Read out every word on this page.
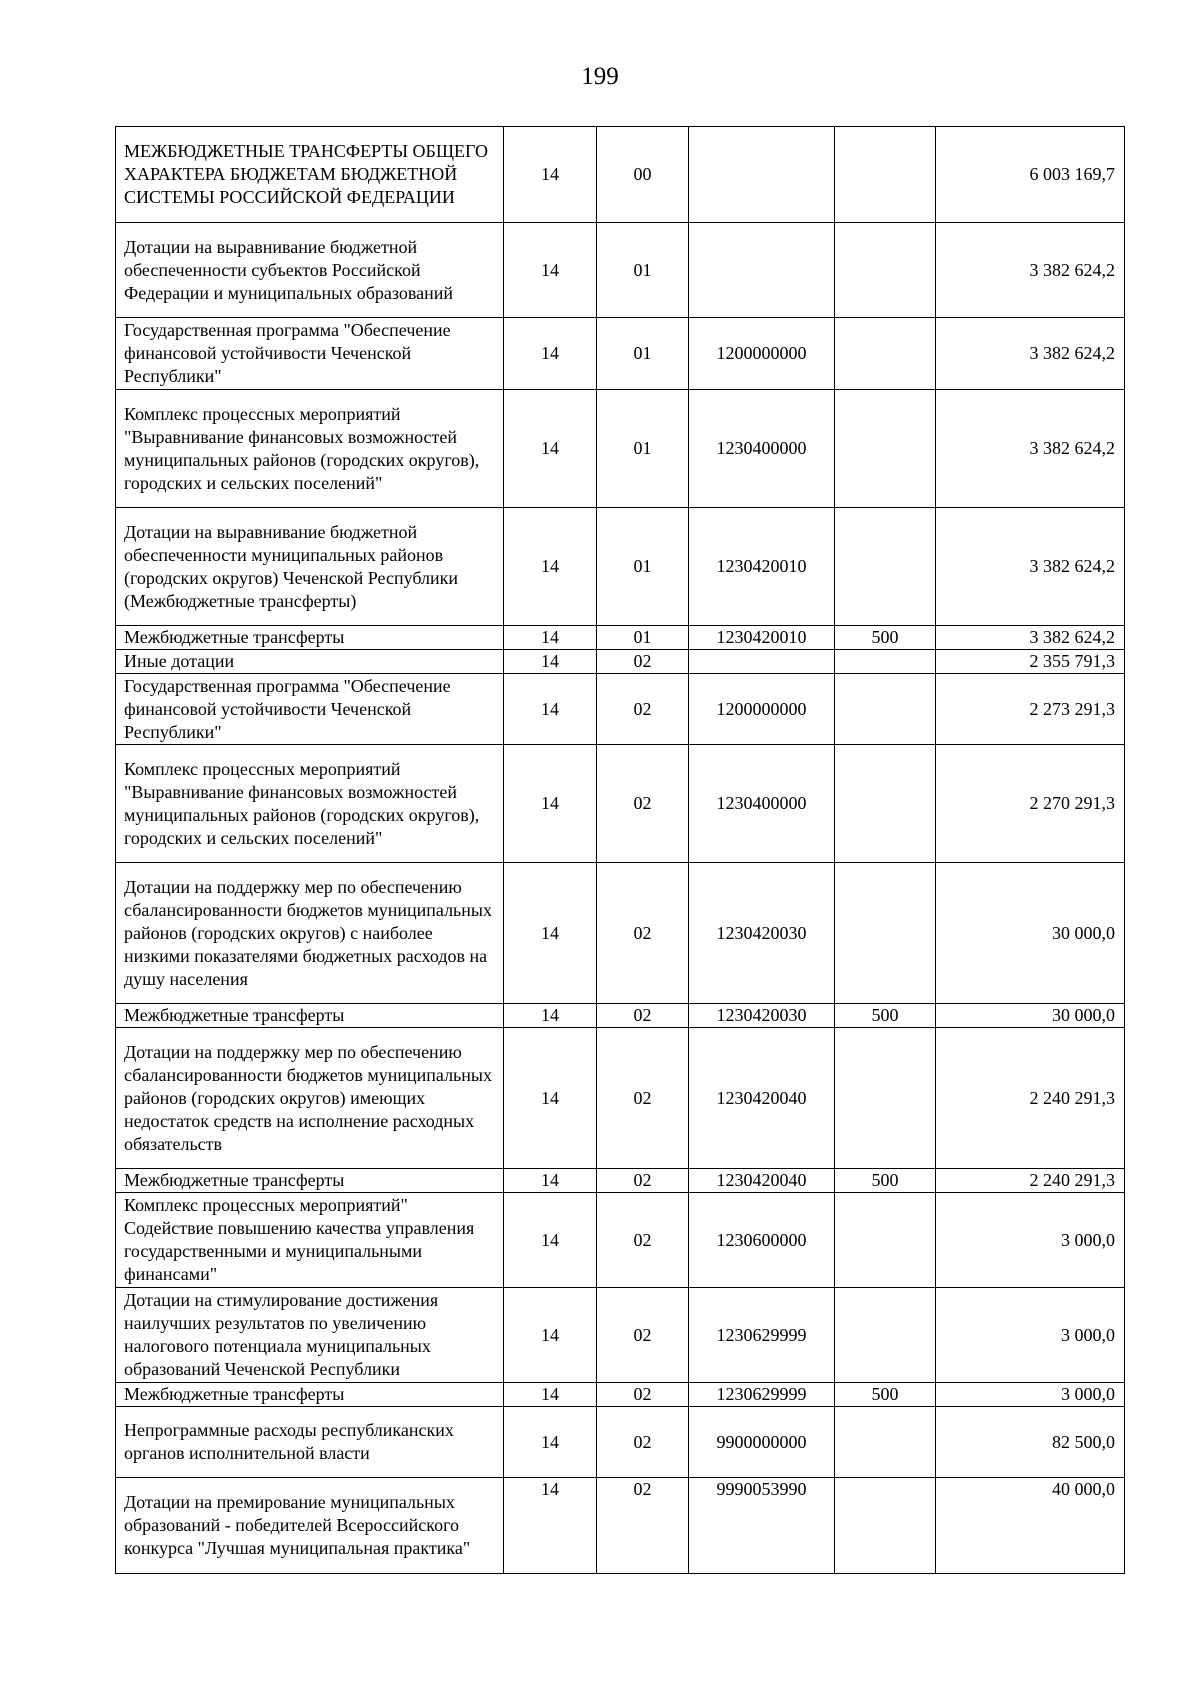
199
МЕЖБЮДЖЕТНЫЕ ТРАНСФЕРТЫ ОБЩЕГО ХАРАКТЕРА БЮДЖЕТАМ БЮДЖЕТНОЙ СИСТЕМЫ РОССИЙСКОЙ ФЕДЕРАЦИИ	14	00			6 003 169,7
Дотации на выравнивание бюджетной обеспеченности субъектов Российской Федерации и муниципальных образований	14	01			3 382 624,2
Государственная программа "Обеспечение финансовой устойчивости Чеченской Республики"	14	01	1200000000		3 382 624,2
Комплекс процессных мероприятий "Выравнивание финансовых возможностей муниципальных районов (городских округов), городских и сельских поселений"	14	01	1230400000		3 382 624,2
Дотации на выравнивание бюджетной обеспеченности муниципальных районов (городских округов) Чеченской Республики (Межбюджетные трансферты)	14	01	1230420010		3 382 624,2
Межбюджетные трансферты	14	01	1230420010	500	3 382 624,2
Иные дотации	14	02			2 355 791,3
Государственная программа "Обеспечение финансовой устойчивости Чеченской Республики"	14	02	1200000000		2 273 291,3
Комплекс процессных мероприятий "Выравнивание финансовых возможностей муниципальных районов (городских округов), городских и сельских поселений"	14	02	1230400000		2 270 291,3
Дотации на поддержку мер по обеспечению сбалансированности бюджетов муниципальных районов (городских округов) с наиболее низкими показателями бюджетных расходов на душу населения	14	02	1230420030		30 000,0
Межбюджетные трансферты	14	02	1230420030	500	30 000,0
Дотации на поддержку мер по обеспечению сбалансированности бюджетов муниципальных районов (городских округов) имеющих недостаток средств на исполнение расходных обязательств	14	02	1230420040		2 240 291,3
Межбюджетные трансферты	14	02	1230420040	500	2 240 291,3
Комплекс процессных мероприятий" Содействие повышению качества управления государственными и муниципальными финансами"	14	02	1230600000		3 000,0
Дотации на стимулирование достижения наилучших результатов по увеличению налогового потенциала муниципальных образований Чеченской Республики	14	02	1230629999		3 000,0
Межбюджетные трансферты	14	02	1230629999	500	3 000,0
Непрограммные расходы республиканских органов исполнительной власти	14	02	9900000000		82 500,0
Дотации на премирование муниципальных образований - победителей Всероссийского конкурса "Лучшая муниципальная практика"	14	02	9990053990		40 000,0
